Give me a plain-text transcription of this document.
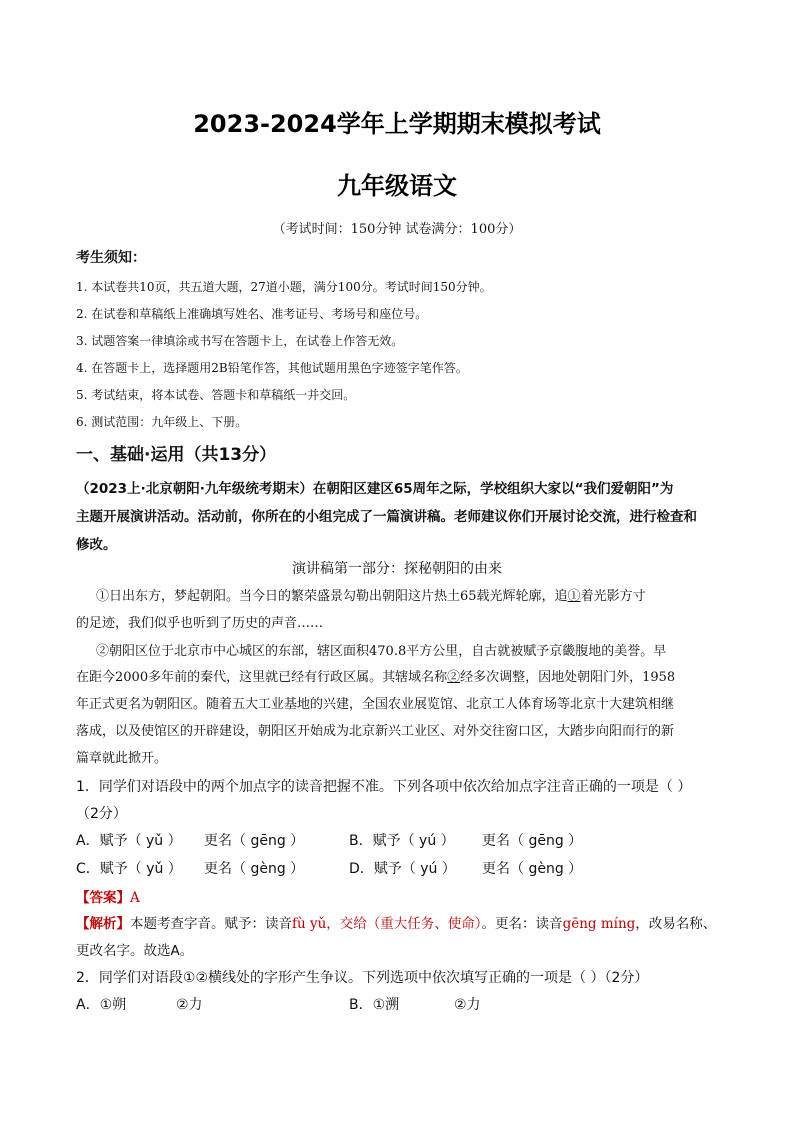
2023-2024学年上学期期末模拟考试
九年级语文
（考试时间：150分钟 试卷满分：100分）
考生须知：
1. 本试卷共10页，共五道大题，27道小题，满分100分。考试时间150分钟。
2. 在试卷和草稿纸上准确填写姓名、准考证号、考场号和座位号。
3. 试题答案一律填涂或书写在答题卡上，在试卷上作答无效。
4. 在答题卡上，选择题用2B铅笔作答，其他试题用黑色字迹签字笔作答。
5. 考试结束，将本试卷、答题卡和草稿纸一并交回。
6. 测试范围：九年级上、下册。
一、基础·运用（共13分）
（2023上·北京朝阳·九年级统考期末）在朝阳区建区65周年之际，学校组织大家以“我们爱朝阳”为
主题开展演讲活动。活动前，你所在的小组完成了一篇演讲稿。老师建议你们开展讨论交流，进行检查和
修改。
演讲稿第一部分：探秘朝阳的由来
①日出东方，梦起朝阳。当今日的繁荣盛景勾勒出朝阳这片热土65载光辉轮廓，追①着光影方寸
的足迹，我们似乎也听到了历史的声音……
②朝阳区位于北京市中心城区的东部，辖区面积470.8平方公里，自古就被赋予京畿腹地的美誉。早
在距今2000多年前的秦代，这里就已经有行政区属。其辖域名称②经多次调整，因地处朝阳门外，1958
年正式更名为朝阳区。随着五大工业基地的兴建，全国农业展览馆、北京工人体育场等北京十大建筑相继
落成，以及使馆区的开辟建设，朝阳区开始成为北京新兴工业区、对外交往窗口区，大踏步向阳而行的新
篇章就此掀开。
1．同学们对语段中的两个加点字的读音把握不准。下列各项中依次给加点字注音正确的一项是（ ）
（2分）
A．赋予（ yǔ ） 更名（ gēng ）	B．赋予（ yú ） 更名（ gēng ）
C．赋予（ yǔ ） 更名（ gèng ）	D．赋予（ yú ） 更名（ gèng ）
【答案】A
【解析】本题考查字音。赋予：读音fù yǔ，交给（重大任务、使命）。更名：读音gēng míng，改易名称、
更改名字。故选A。
2．同学们对语段①②横线处的字形产生争议。下列选项中依次填写正确的一项是（ ）（2分）
A．①朔	②力	B．①溯	②力
